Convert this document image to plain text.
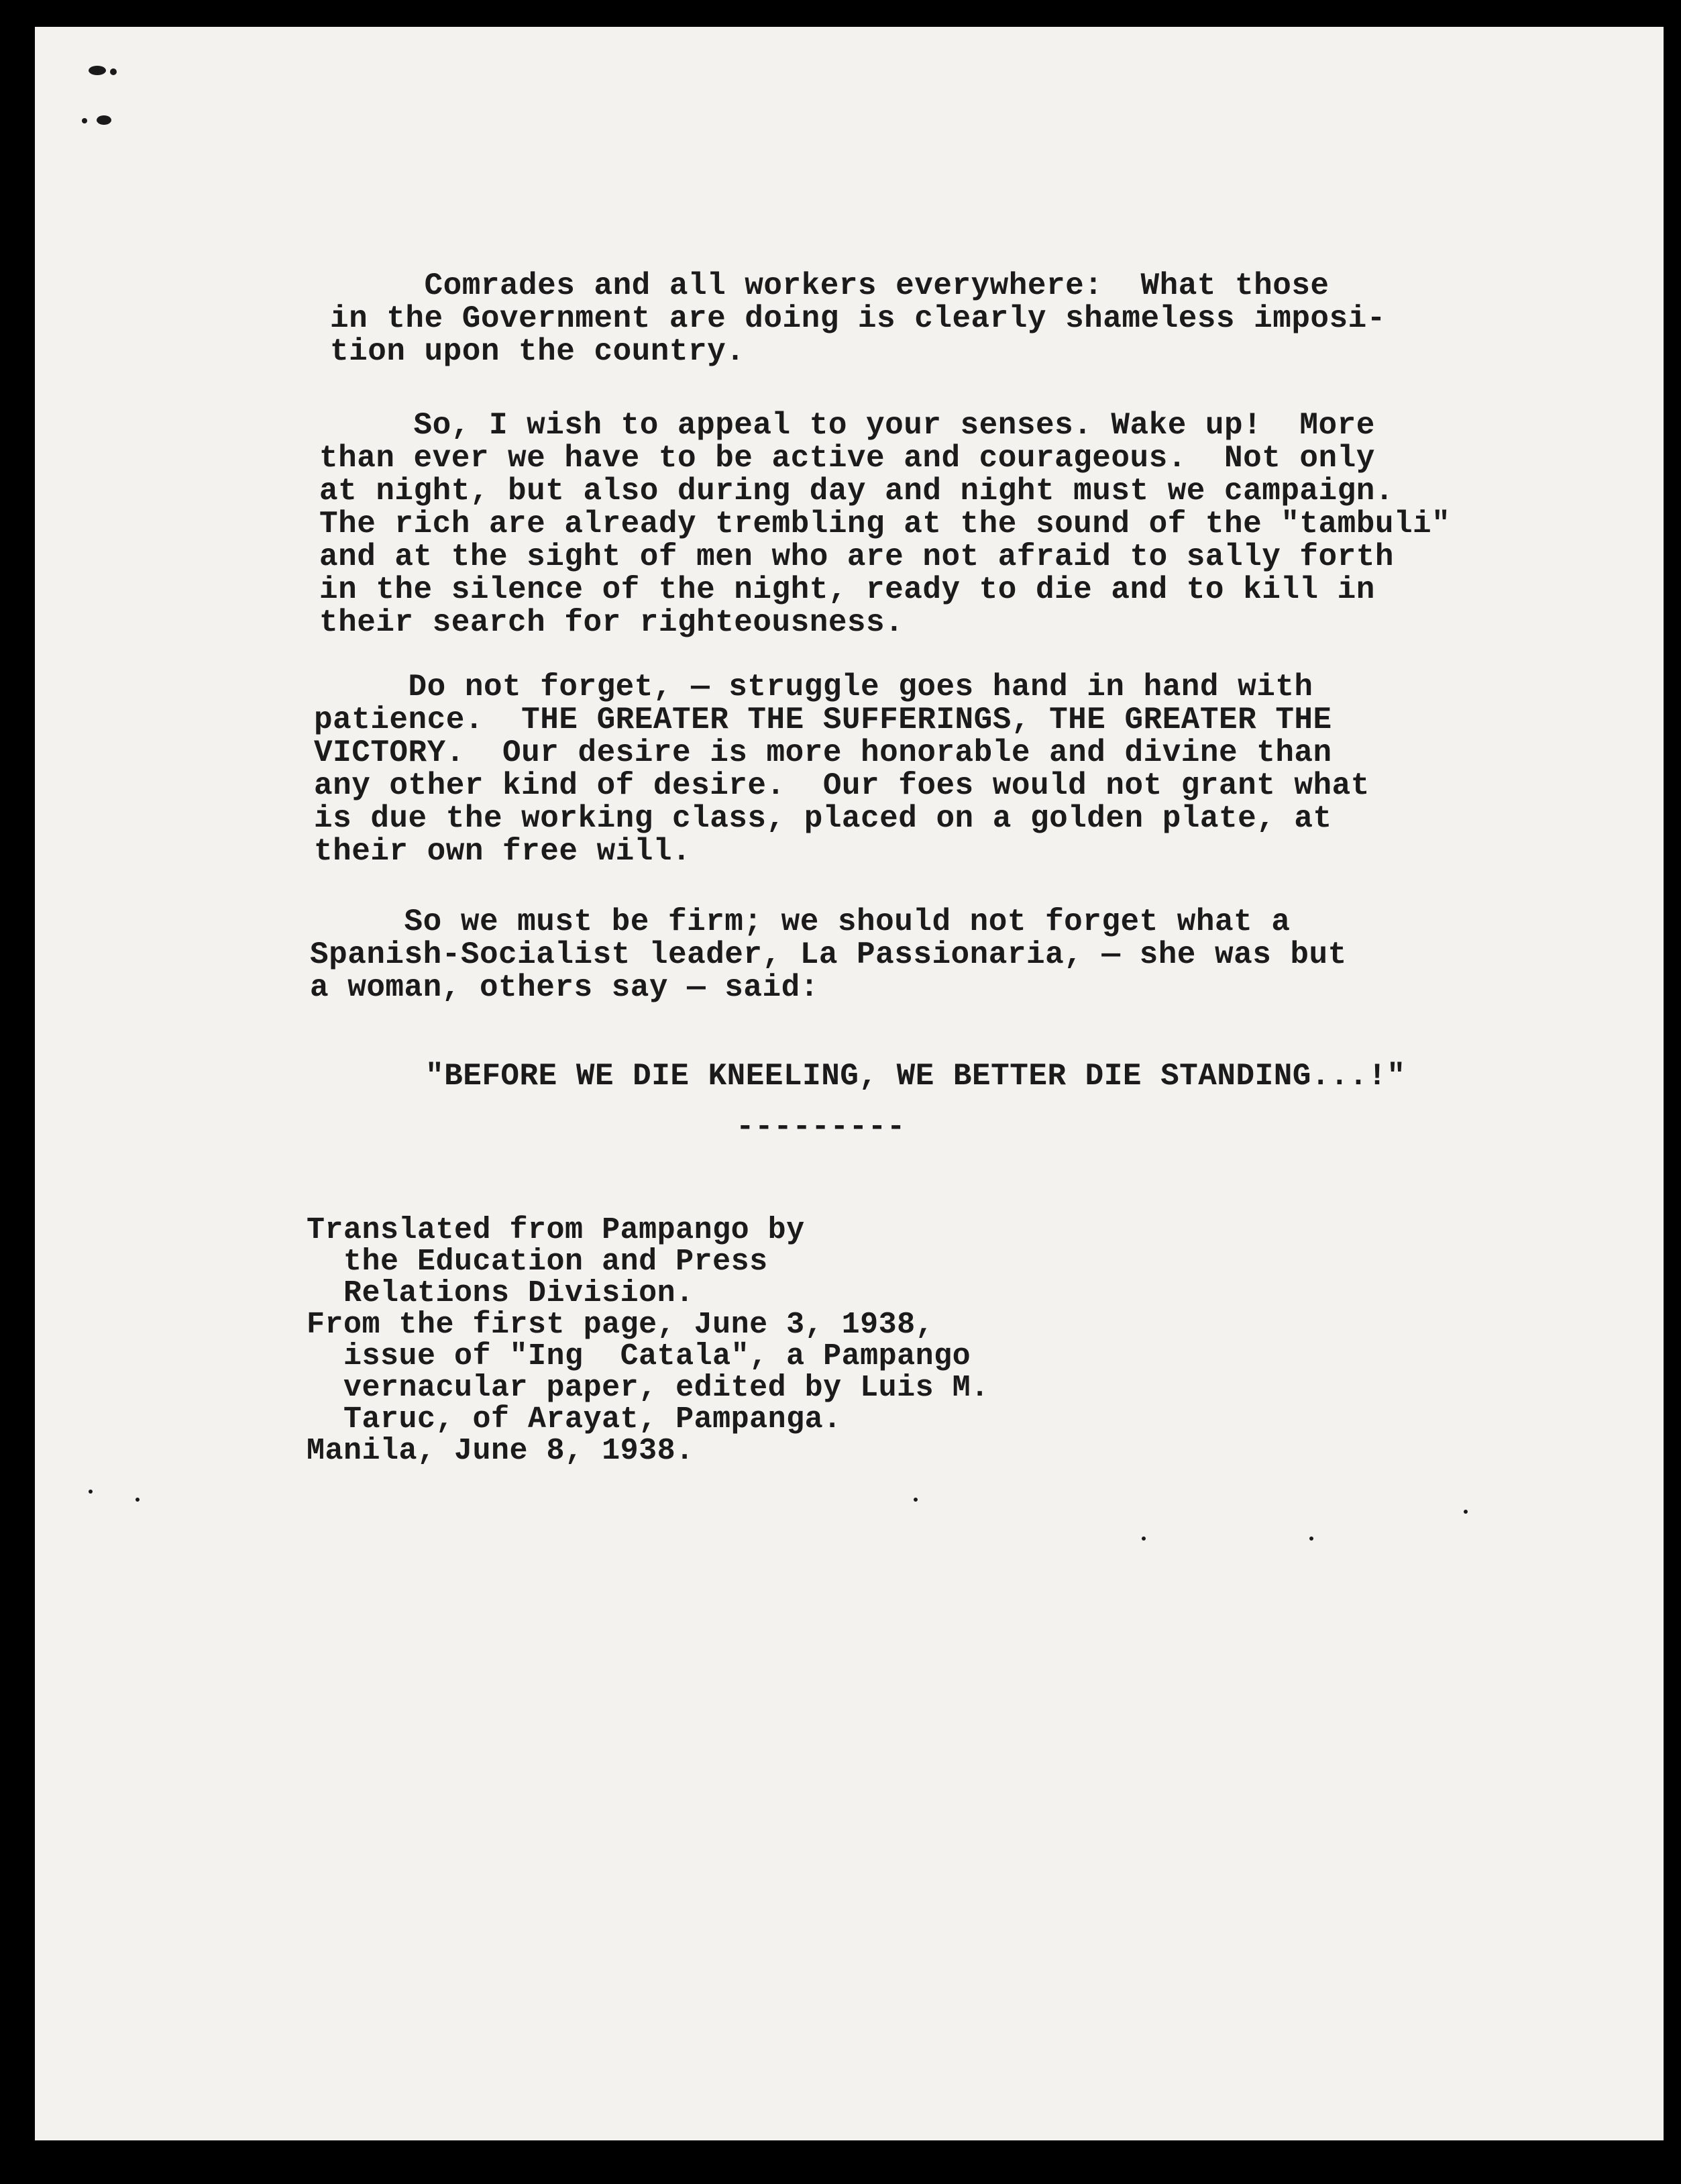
Comrades and all workers everywhere:  What those
in the Government are doing is clearly shameless imposi-
tion upon the country.

So, I wish to appeal to your senses. Wake up!  More
than ever we have to be active and courageous.  Not only
at night, but also during day and night must we campaign.
The rich are already trembling at the sound of the "tambuli"
and at the sight of men who are not afraid to sally forth
in the silence of the night, ready to die and to kill in
their search for righteousness.

Do not forget, — struggle goes hand in hand with
patience.  THE GREATER THE SUFFERINGS, THE GREATER THE
VICTORY.  Our desire is more honorable and divine than
any other kind of desire.  Our foes would not grant what
is due the working class, placed on a golden plate, at
their own free will.

So we must be firm; we should not forget what a
Spanish-Socialist leader, La Passionaria, — she was but
a woman, others say — said:

"BEFORE WE DIE KNEELING, WE BETTER DIE STANDING...!"

---------

Translated from Pampango by
the Education and Press
Relations Division.
From the first page, June 3, 1938,
issue of "Ing  Catala", a Pampango
vernacular paper, edited by Luis M.
Taruc, of Arayat, Pampanga.
Manila, June 8, 1938.
